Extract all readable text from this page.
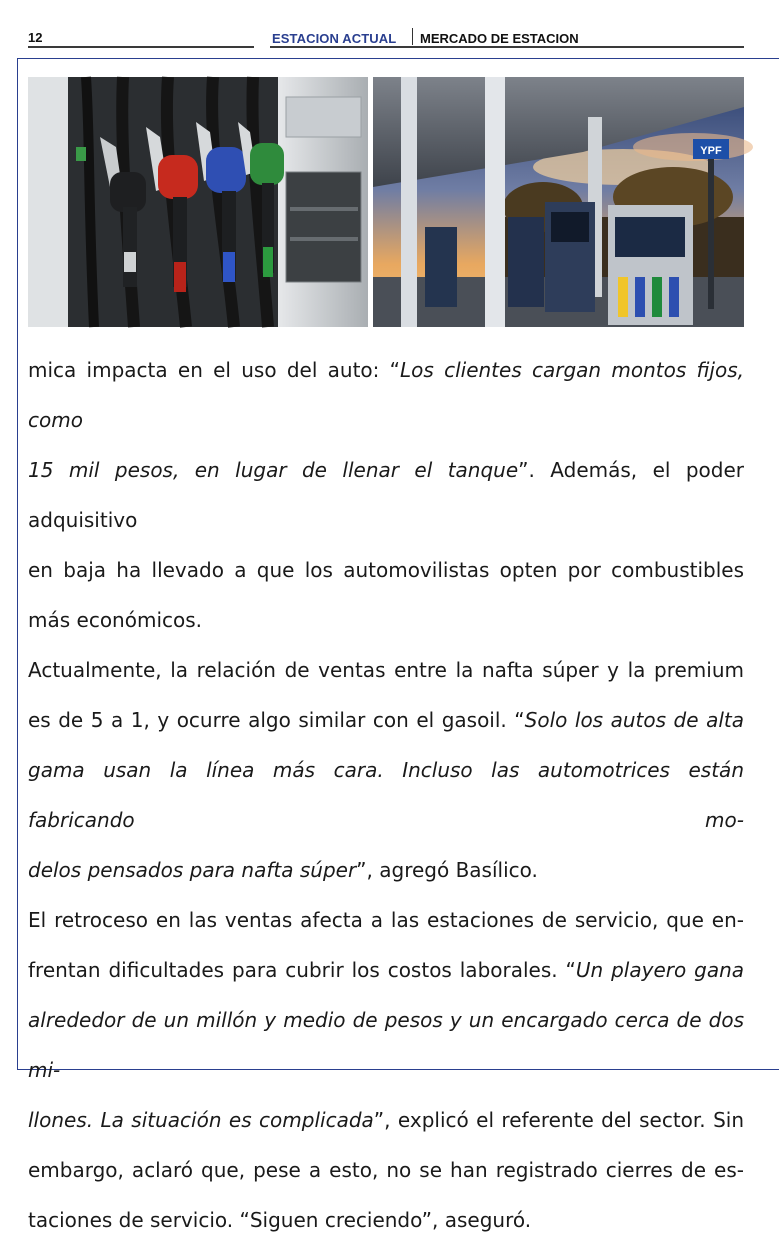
12	ESTACION ACTUAL MERCADO DE ESTACION
YPF

mica impacta en el uso del auto: “Los clientes cargan montos fijos, como

15 mil pesos, en lugar de llenar el tanque”. Además, el poder adquisitivo

en baja ha llevado a que los automovilistas opten por combustibles

más económicos.

Actualmente, la relación de ventas entre la nafta súper y la premium

es de 5 a 1, y ocurre algo similar con el gasoil. “Solo los autos de alta

gama usan la línea más cara. Incluso las automotrices están fabricando mo-

delos pensados para nafta súper”, agregó Basílico.

El retroceso en las ventas afecta a las estaciones de servicio, que en-

frentan dificultades para cubrir los costos laborales. “Un playero gana

alrededor de un millón y medio de pesos y un encargado cerca de dos mi-

llones. La situación es complicada”, explicó el referente del sector. Sin

embargo, aclaró que, pese a esto, no se han registrado cierres de es-

taciones de servicio. “Siguen creciendo”, aseguró.
